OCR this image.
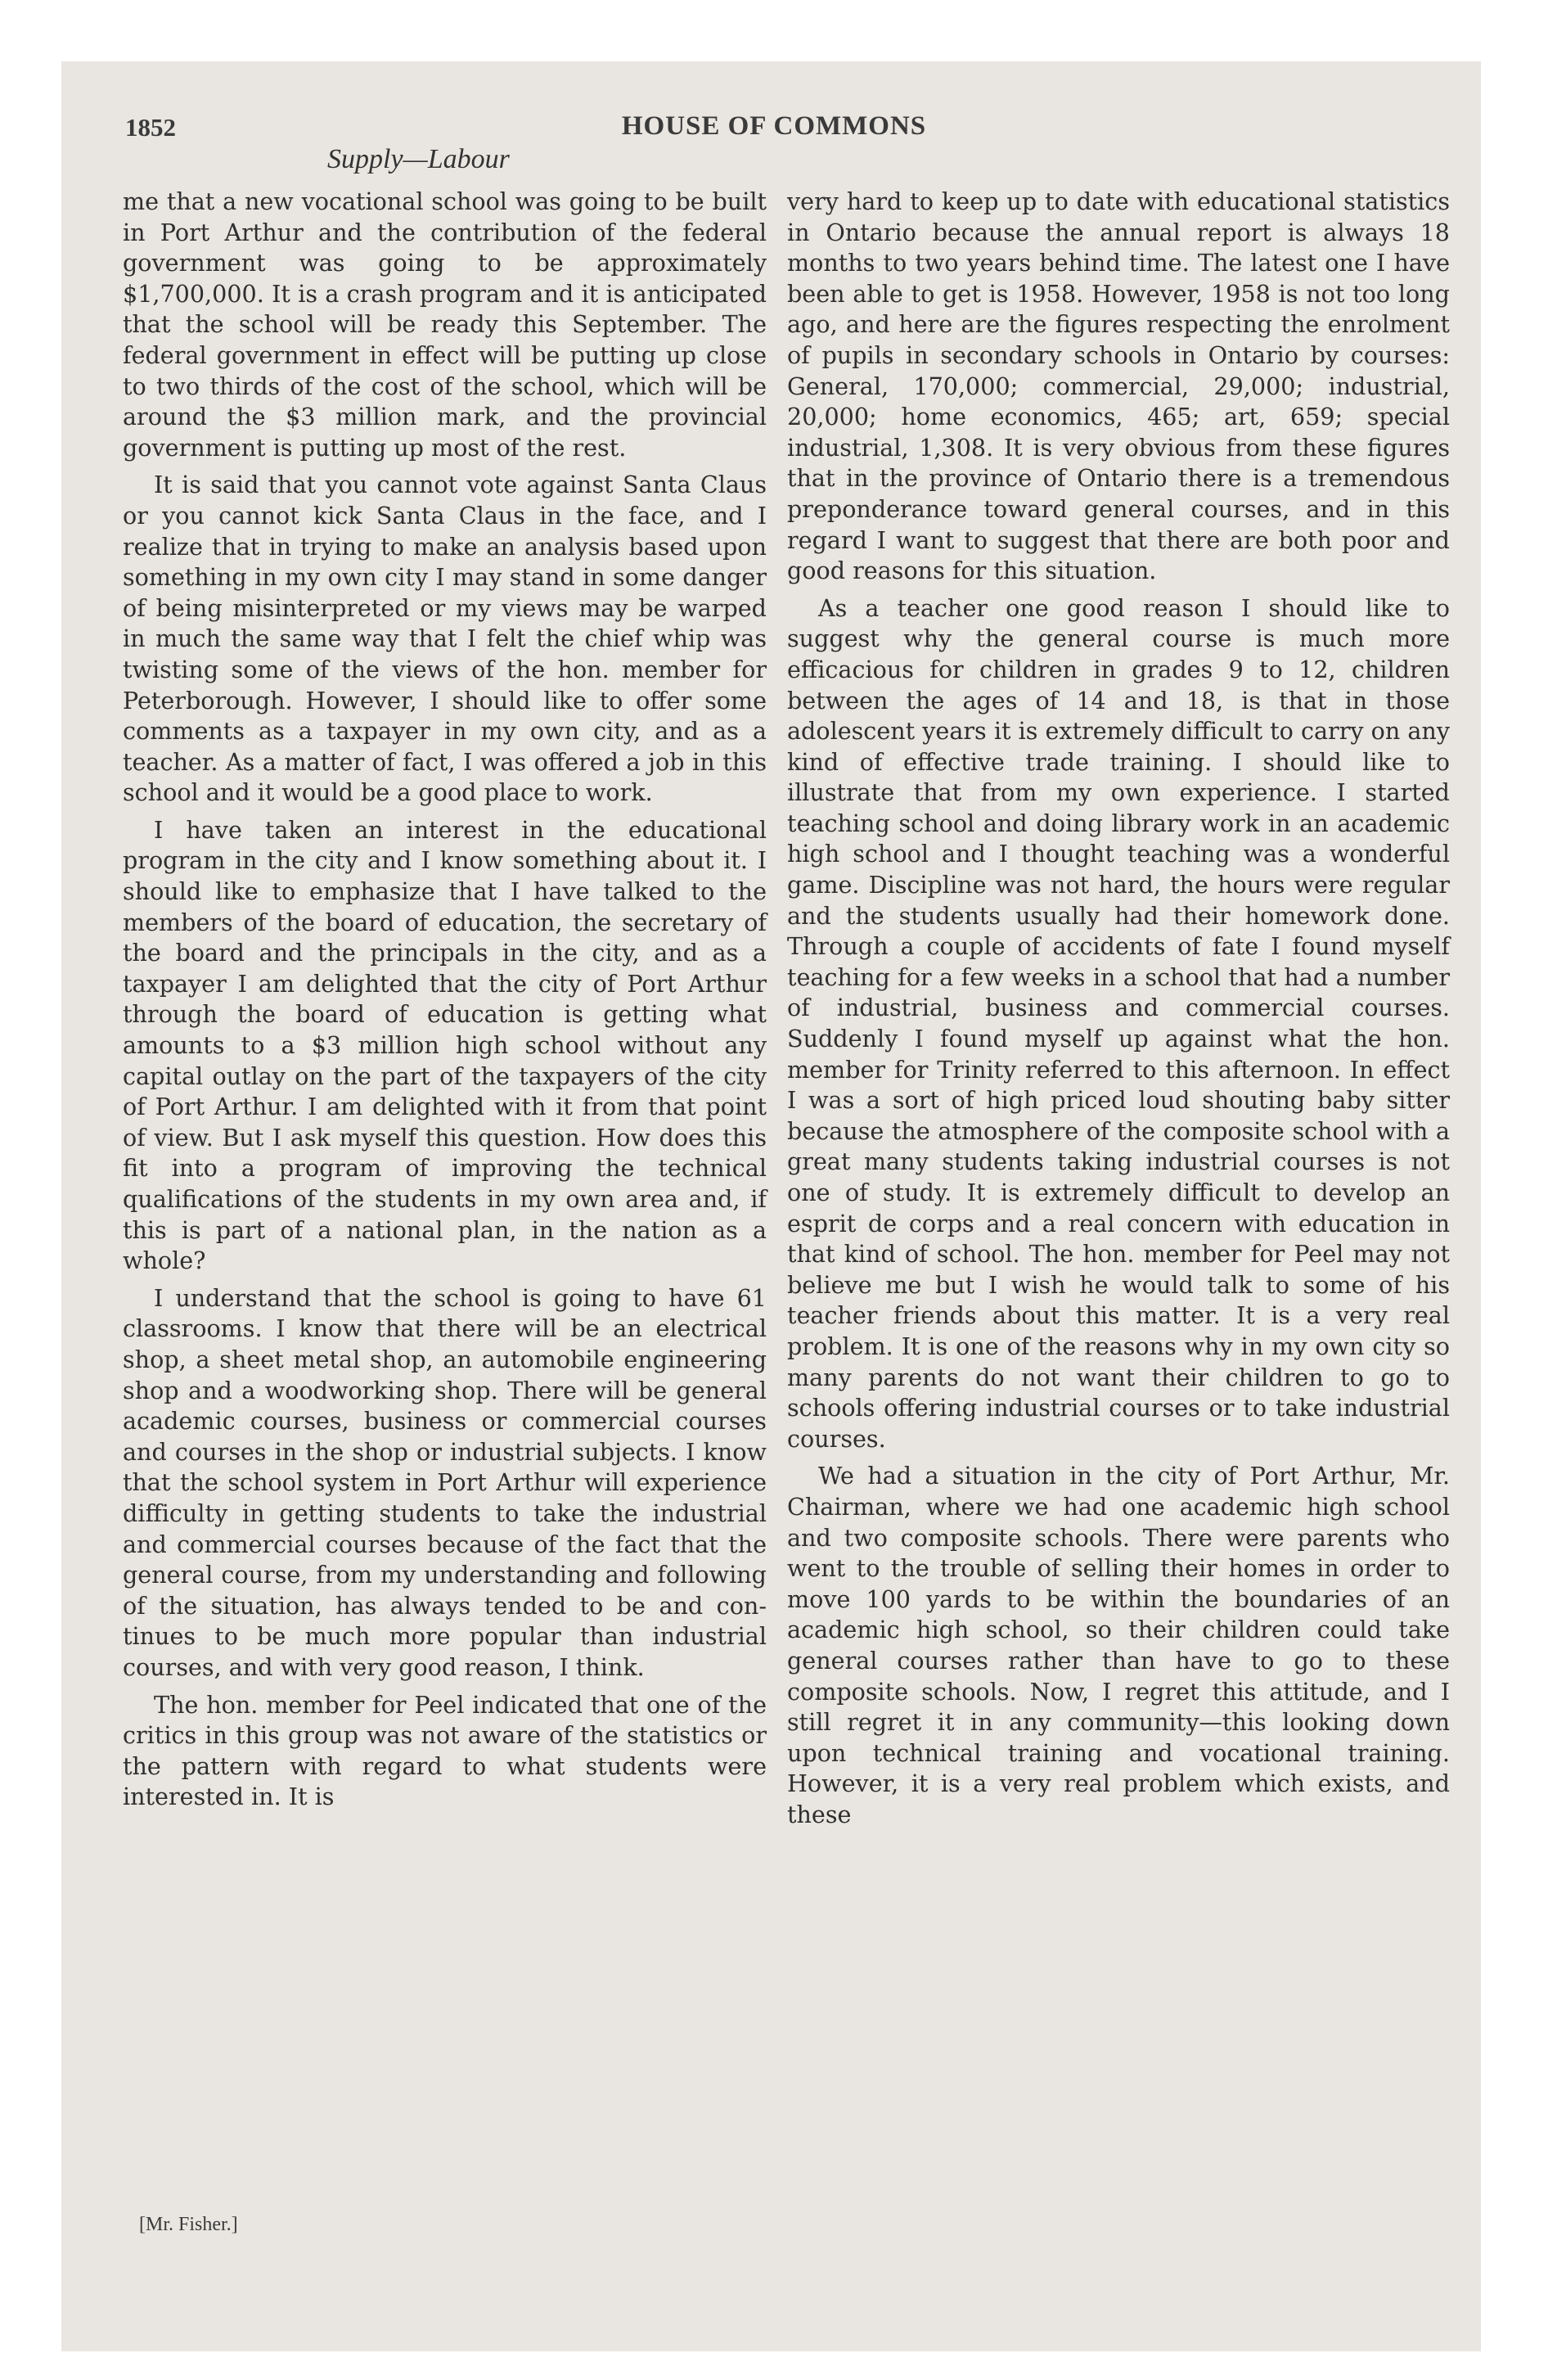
1852	HOUSE OF COMMONS
Supply—Labour

me that a new vocational school was going to be built in Port Arthur and the contribution of the federal government was going to be approximately $1,700,000. It is a crash program and it is anticipated that the school will be ready this September. The federal government in effect will be putting up close to two thirds of the cost of the school, which will be around the $3 million mark, and the provincial government is putting up most of the rest.

It is said that you cannot vote against Santa Claus or you cannot kick Santa Claus in the face, and I realize that in trying to make an analysis based upon something in my own city I may stand in some danger of being misinterpreted or my views may be warped in much the same way that I felt the chief whip was twisting some of the views of the hon. member for Peterborough. However, I should like to offer some comments as a taxpayer in my own city, and as a teacher. As a matter of fact, I was offered a job in this school and it would be a good place to work.

I have taken an interest in the educational program in the city and I know something about it. I should like to emphasize that I have talked to the members of the board of education, the secretary of the board and the principals in the city, and as a taxpayer I am delighted that the city of Port Arthur through the board of education is getting what amounts to a $3 million high school without any capital outlay on the part of the taxpayers of the city of Port Arthur. I am delighted with it from that point of view. But I ask myself this question. How does this fit into a program of improving the technical qualifications of the students in my own area and, if this is part of a national plan, in the nation as a whole?

I understand that the school is going to have 61 classrooms. I know that there will be an electrical shop, a sheet metal shop, an automobile engineering shop and a woodworking shop. There will be general academic courses, business or commercial courses and courses in the shop or industrial subjects. I know that the school system in Port Arthur will experience difficulty in getting students to take the industrial and commercial courses because of the fact that the general course, from my understanding and following of the situation, has always tended to be and continues to be much more popular than industrial courses, and with very good reason, I think.

The hon. member for Peel indicated that one of the critics in this group was not aware of the statistics or the pattern with regard to what students were interested in. It is

very hard to keep up to date with educational statistics in Ontario because the annual report is always 18 months to two years behind time. The latest one I have been able to get is 1958. However, 1958 is not too long ago, and here are the figures respecting the enrolment of pupils in secondary schools in Ontario by courses: General, 170,000; commercial, 29,000; industrial, 20,000; home economics, 465; art, 659; special industrial, 1,308. It is very obvious from these figures that in the province of Ontario there is a tremendous preponderance toward general courses, and in this regard I want to suggest that there are both poor and good reasons for this situation.

As a teacher one good reason I should like to suggest why the general course is much more efficacious for children in grades 9 to 12, children between the ages of 14 and 18, is that in those adolescent years it is extremely difficult to carry on any kind of effective trade training. I should like to illustrate that from my own experience. I started teaching school and doing library work in an academic high school and I thought teaching was a wonderful game. Discipline was not hard, the hours were regular and the students usually had their homework done. Through a couple of accidents of fate I found myself teaching for a few weeks in a school that had a number of industrial, business and commercial courses. Suddenly I found myself up against what the hon. member for Trinity referred to this afternoon. In effect I was a sort of high priced loud shouting baby sitter because the atmosphere of the composite school with a great many students taking industrial courses is not one of study. It is extremely difficult to develop an esprit de corps and a real concern with education in that kind of school. The hon. member for Peel may not believe me but I wish he would talk to some of his teacher friends about this matter. It is a very real problem. It is one of the reasons why in my own city so many parents do not want their children to go to schools offering industrial courses or to take industrial courses.

We had a situation in the city of Port Arthur, Mr. Chairman, where we had one academic high school and two composite schools. There were parents who went to the trouble of selling their homes in order to move 100 yards to be within the boundaries of an academic high school, so their children could take general courses rather than have to go to these composite schools. Now, I regret this attitude, and I still regret it in any community—this looking down upon technical training and vocational training. However, it is a very real problem which exists, and these

[Mr. Fisher.]
